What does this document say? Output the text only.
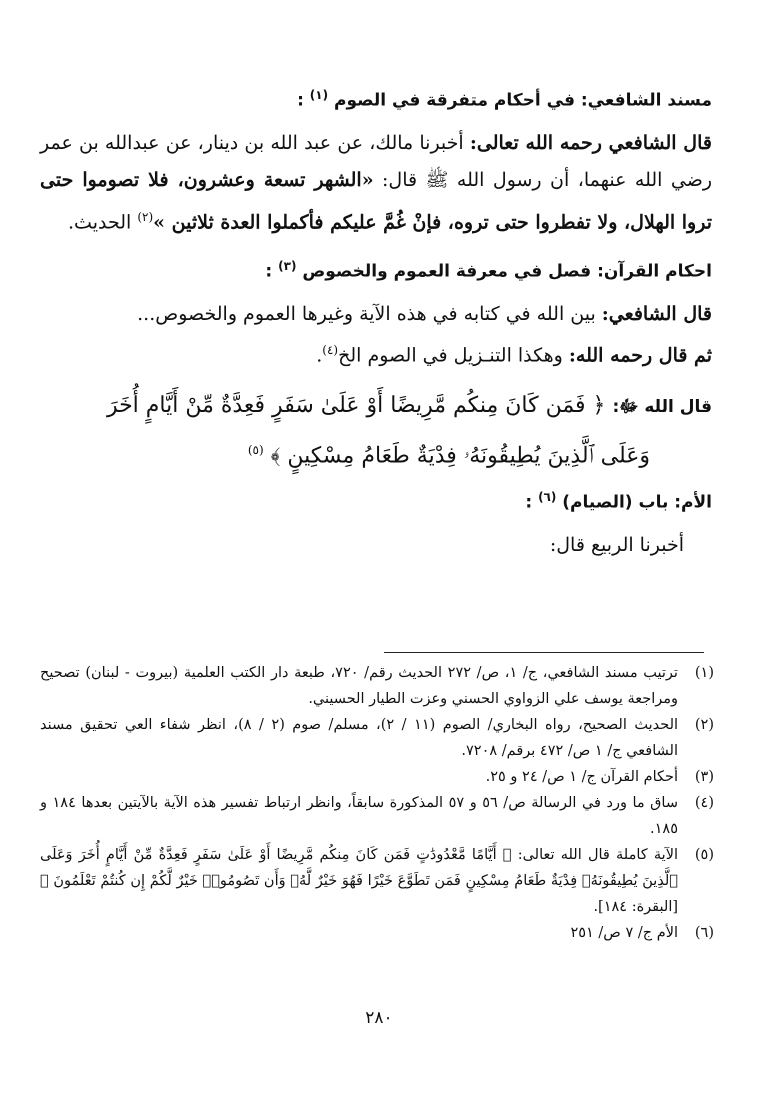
مسند الشافعي: في أحكام متفرقة في الصوم $^{(١)}$ :

قال الشافعي رحمه الله تعالى: أخبرنا مالك، عن عبد الله بن دينار، عن عبدالله بن عمر رضي الله عنهما، أن رسول الله ﷺ قال: «الشهر تسعة وعشرون، فلا تصوموا حتى تروا الهلال، ولا تفطروا حتى تروه، فإنْ غُمَّ عليكم فأكملوا العدة ثلاثين »$^{(٢)}$ الحديث.

احكام القرآن: فصل في معرفة العموم والخصوص $^{(٣)}$ :

قال الشافعي: بين الله في كتابه في هذه الآية وغيرها العموم والخصوص...

ثم قال رحمه الله: وهكذا التنـزيل في الصوم الخ$^{(٤)}$.

قال الله ﷻ: ﴿ فَمَن كَانَ مِنكُم مَّرِيضًا أَوْ عَلَىٰ سَفَرٍ فَعِدَّةٌ مِّنْ أَيَّامٍ أُخَرَ
وَعَلَى ٱلَّذِينَ يُطِيقُونَهُۥ فِدْيَةٌ طَعَامُ مِسْكِينٍ ﴾ $^{(٥)}$
الأم: باب (الصيام) $^{(٦)}$ :

أخبرنا الربيع قال:

(١)
ترتيب مسند الشافعي، ج/ ١، ص/ ٢٧٢ الحديث رقم/ ٧٢٠، طبعة دار الكتب العلمية (بيروت - لبنان) تصحيح ومراجعة يوسف علي الزواوي الحسني وعزت الطيار الحسيني.
(٢)
الحديث الصحيح، رواه البخاري/ الصوم (١١ / ٢)، مسلم/ صوم (٢ / ٨)، انظر شفاء العي تحقيق مسند الشافعي ج/ ١ ص/ ٤٧٢ برقم/ ٧٢٠٨.
(٣)
أحكام القرآن ج/ ١ ص/ ٢٤ و ٢٥.
(٤)
ساق ما ورد في الرسالة ص/ ٥٦ و ٥٧ المذكورة سابقاً، وانظر ارتباط تفسير هذه الآية بالآيتين بعدها ١٨٤ و ١٨٥.
(٥)
الآية كاملة قال الله تعالى: ﴿ أَيَّامًا مَّعْدُودَٰتٍ فَمَن كَانَ مِنكُم مَّرِيضًا أَوْ عَلَىٰ سَفَرٍ فَعِدَّةٌ مِّنْ أَيَّامٍ أُخَرَ وَعَلَى ٱلَّذِينَ يُطِيقُونَهُۥ فِدْيَةٌ طَعَامُ مِسْكِينٍ فَمَن تَطَوَّعَ خَيْرًا فَهُوَ خَيْرٌ لَّهُۥ وَأَن تَصُومُوا۟ خَيْرٌ لَّكُمْ إِن كُنتُمْ تَعْلَمُونَ ﴾ [البقرة: ١٨٤].
(٦)
الأم ج/ ٧ ص/ ٢٥١
٢٨٠
